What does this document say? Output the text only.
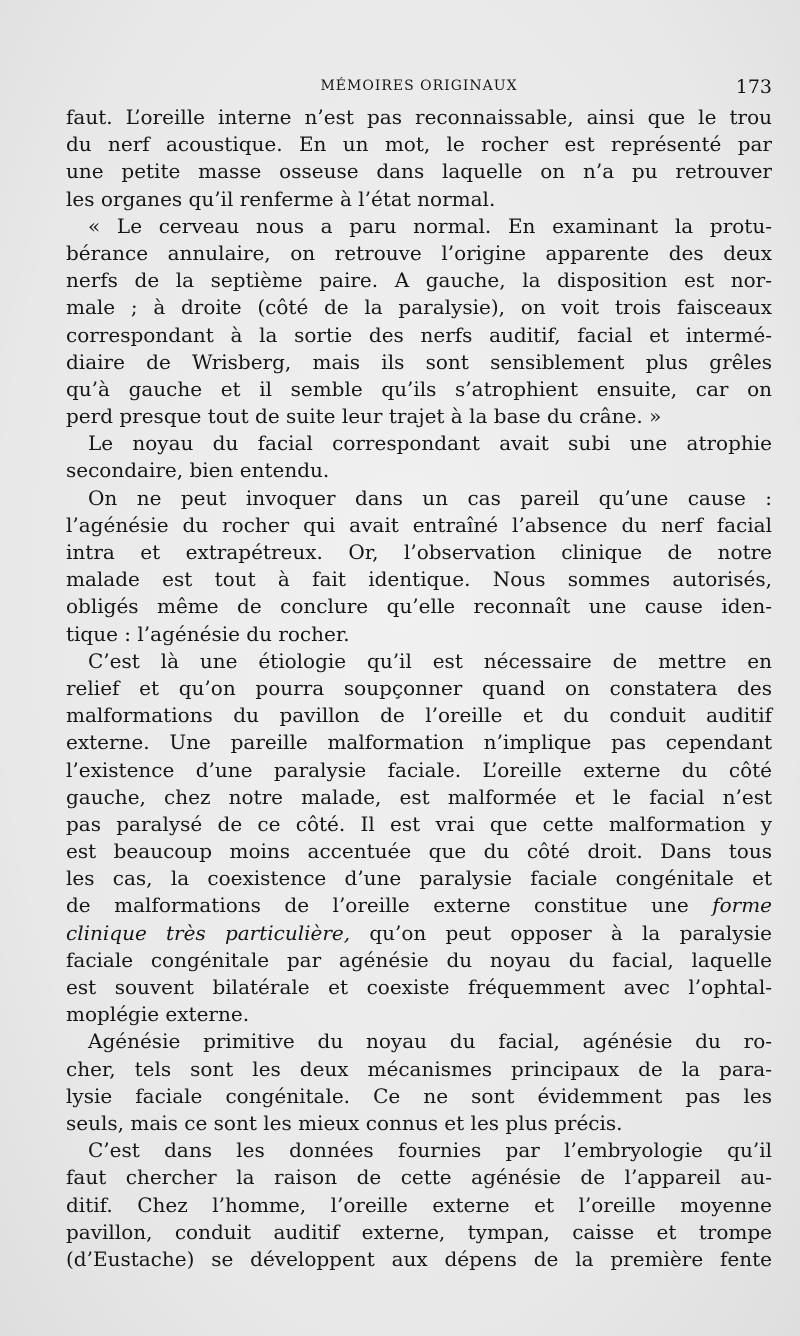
MÉMOIRES ORIGINAUX	173
faut. L’oreille interne n’est pas reconnaissable, ainsi que le trou
du nerf acoustique. En un mot, le rocher est représenté par
une petite masse osseuse dans laquelle on n’a pu retrouver
les organes qu’il renferme à l’état normal.
« Le cerveau nous a paru normal. En examinant la protu-
bérance annulaire, on retrouve l’origine apparente des deux
nerfs de la septième paire. A gauche, la disposition est nor-
male ; à droite (côté de la paralysie), on voit trois faisceaux
correspondant à la sortie des nerfs auditif, facial et intermé-
diaire de Wrisberg, mais ils sont sensiblement plus grêles
qu’à gauche et il semble qu’ils s’atrophient ensuite, car on
perd presque tout de suite leur trajet à la base du crâne. »
Le noyau du facial correspondant avait subi une atrophie
secondaire, bien entendu.
On ne peut invoquer dans un cas pareil qu’une cause :
l’agénésie du rocher qui avait entraîné l’absence du nerf facial
intra et extrapétreux. Or, l’observation clinique de notre
malade est tout à fait identique. Nous sommes autorisés,
obligés même de conclure qu’elle reconnaît une cause iden-
tique : l’agénésie du rocher.
C’est là une étiologie qu’il est nécessaire de mettre en
relief et qu’on pourra soupçonner quand on constatera des
malformations du pavillon de l’oreille et du conduit auditif
externe. Une pareille malformation n’implique pas cependant
l’existence d’une paralysie faciale. L’oreille externe du côté
gauche, chez notre malade, est malformée et le facial n’est
pas paralysé de ce côté. Il est vrai que cette malformation y
est beaucoup moins accentuée que du côté droit. Dans tous
les cas, la coexistence d’une paralysie faciale congénitale et
de malformations de l’oreille externe constitue une forme
clinique très particulière, qu’on peut opposer à la paralysie
faciale congénitale par agénésie du noyau du facial, laquelle
est souvent bilatérale et coexiste fréquemment avec l’ophtal-
moplégie externe.
Agénésie primitive du noyau du facial, agénésie du ro-
cher, tels sont les deux mécanismes principaux de la para-
lysie faciale congénitale. Ce ne sont évidemment pas les
seuls, mais ce sont les mieux connus et les plus précis.
C’est dans les données fournies par l’embryologie qu’il
faut chercher la raison de cette agénésie de l’appareil au-
ditif. Chez l’homme, l’oreille externe et l’oreille moyenne
pavillon, conduit auditif externe, tympan, caisse et trompe
(d’Eustache) se développent aux dépens de la première fente
